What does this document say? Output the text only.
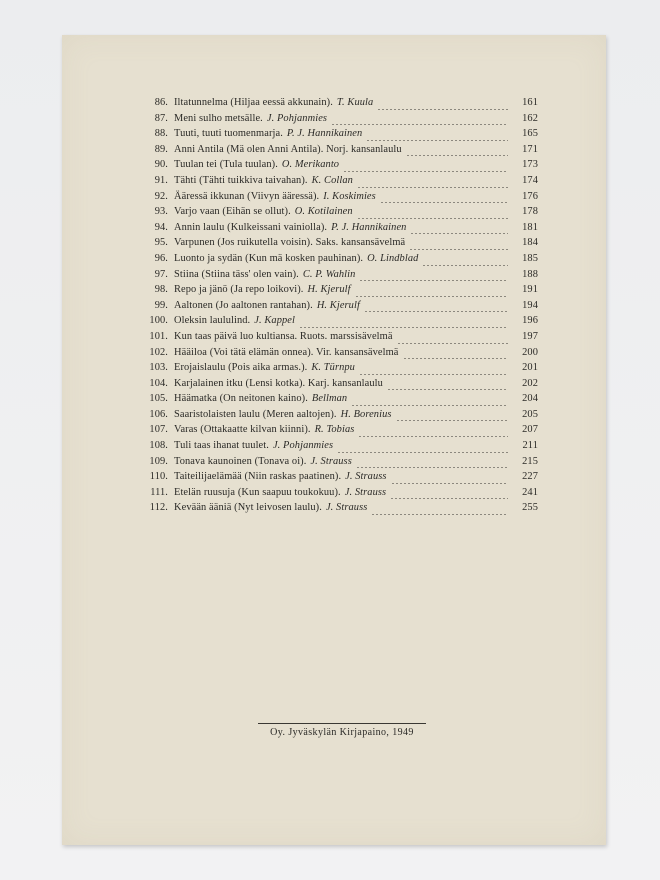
86. Iltatunnelma (Hiljaa eessä akkunain). T. Kuula	161
87. Meni sulho metsälle. J. Pohjanmies	162
88. Tuuti, tuuti tuomenmarja. P. J. Hannikainen	165
89. Anni Antila (Mä olen Anni Antila). Norj. kansanlaulu	171
90. Tuulan tei (Tula tuulan). O. Merikanto	173
91. Tähti (Tähti tuikkiva taivahan). K. Collan	174
92. Ääressä ikkunan (Viivyn ääressä). I. Koskimies	176
93. Varjo vaan (Eihän se ollut). O. Kotilainen	178
94. Annin laulu (Kulkeissani vainiolla). P. J. Hannikainen	181
95. Varpunen (Jos ruikutella voisin). Saks. kansansävelmä	184
96. Luonto ja sydän (Kun mä kosken pauhinan). O. Lindblad	185
97. Stiina (Stiina täss' olen vain). C. P. Wahlin	188
98. Repo ja jänö (Ja repo loikovi). H. Kjerulf	191
99. Aaltonen (Jo aaltonen rantahan). H. Kjerulf	194
100. Oleksin laululind. J. Kappel	196
101. Kun taas päivä luo kultiansa. Ruots. marssisävelmä	197
102. Hääiloa (Voi tätä elämän onnea). Vir. kansansävelmä	200
103. Erojaislaulu (Pois aika armas.). K. Türnpu	201
104. Karjalainen itku (Lensi kotka). Karj. kansanlaulu	202
105. Häämatka (On neitonen kaino). Bellman	204
106. Saaristolaisten laulu (Meren aaltojen). H. Borenius	205
107. Varas (Ottakaatte kilvan kiinni). R. Tobias	207
108. Tuli taas ihanat tuulet. J. Pohjanmies	211
109. Tonava kaunoinen (Tonava oi). J. Strauss	215
110. Taiteilijaelämää (Niin raskas paatinen). J. Strauss	227
111. Etelän ruusuja (Kun saapuu toukokuu). J. Strauss	241
112. Kevään ääniä (Nyt leivosen laulu). J. Strauss	255
Oy. Jyväskylän Kirjapaino, 1949
